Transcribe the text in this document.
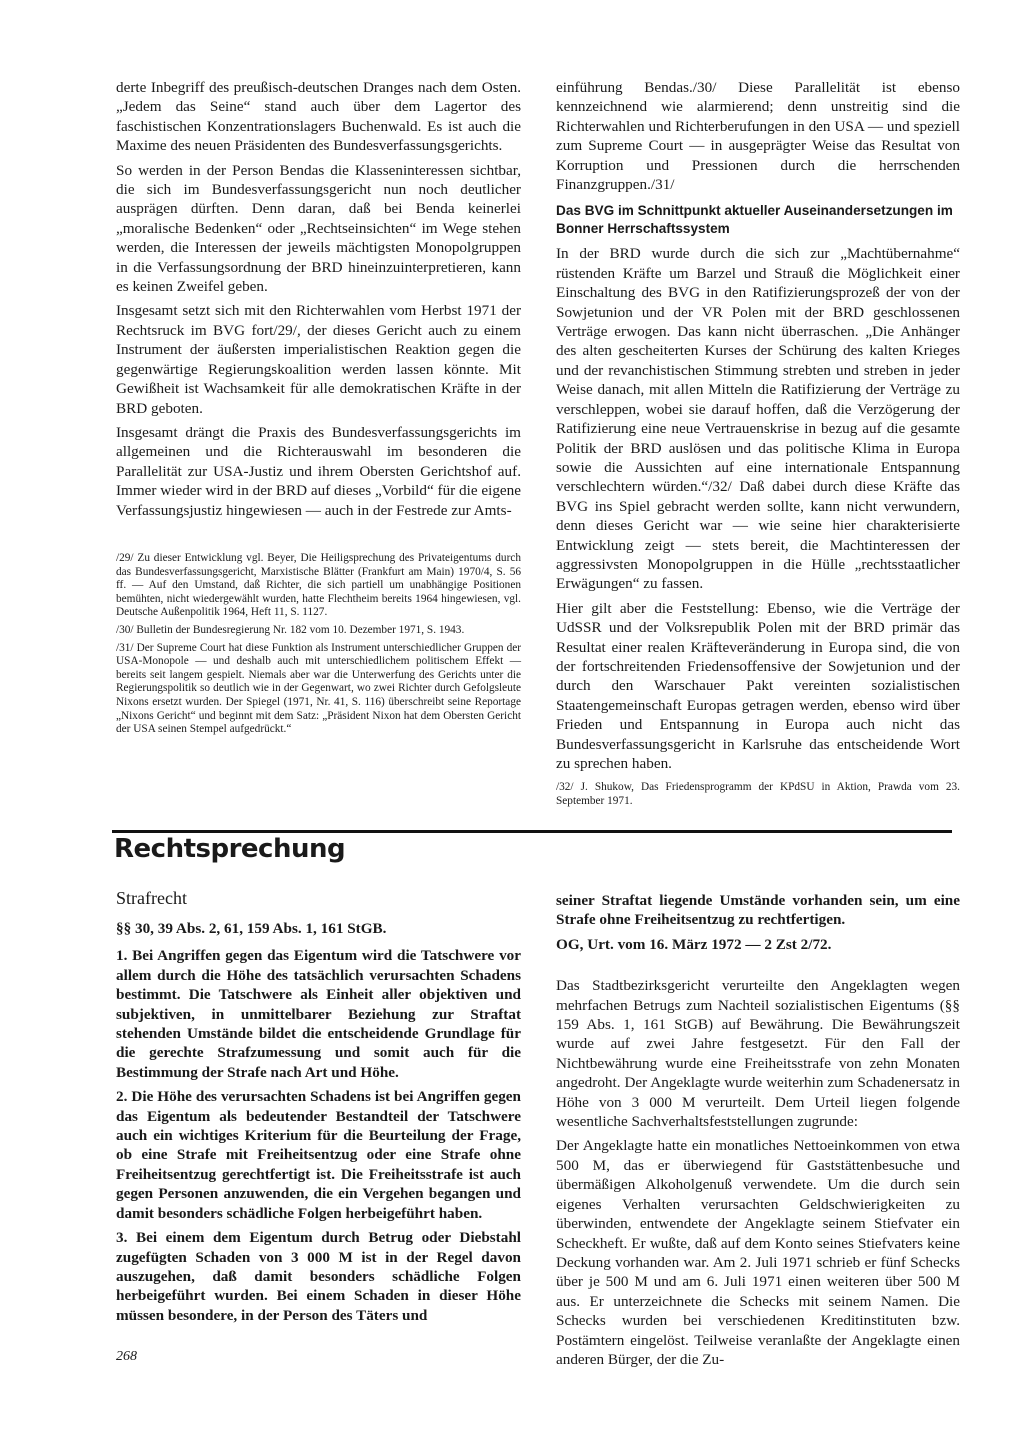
derte Inbegriff des preußisch-deutschen Dranges nach dem Osten. „Jedem das Seine“ stand auch über dem Lagertor des faschistischen Konzentrationslagers Buchenwald. Es ist auch die Maxime des neuen Präsidenten des Bundesverfassungsgerichts.

So werden in der Person Bendas die Klasseninteressen sichtbar, die sich im Bundesverfassungsgericht nun noch deutlicher ausprägen dürften. Denn daran, daß bei Benda keinerlei „moralische Bedenken“ oder „Rechtseinsichten“ im Wege stehen werden, die Interessen der jeweils mächtigsten Monopolgruppen in die Verfassungsordnung der BRD hineinzuinterpretieren, kann es keinen Zweifel geben.

Insgesamt setzt sich mit den Richterwahlen vom Herbst 1971 der Rechtsruck im BVG fort/29/, der dieses Gericht auch zu einem Instrument der äußersten imperialistischen Reaktion gegen die gegenwärtige Regierungskoalition werden lassen könnte. Mit Gewißheit ist Wachsamkeit für alle demokratischen Kräfte in der BRD geboten.

Insgesamt drängt die Praxis des Bundesverfassungsgerichts im allgemeinen und die Richterauswahl im besonderen die Parallelität zur USA-Justiz und ihrem Obersten Gerichtshof auf. Immer wieder wird in der BRD auf dieses „Vorbild“ für die eigene Verfassungsjustiz hingewiesen — auch in der Festrede zur Amts-

/29/ Zu dieser Entwicklung vgl. Beyer, Die Heiligsprechung des Privateigentums durch das Bundesverfassungsgericht, Marxistische Blätter (Frankfurt am Main) 1970/4, S. 56 ff. — Auf den Umstand, daß Richter, die sich partiell um unabhängige Positionen bemühten, nicht wiedergewählt wurden, hatte Flechtheim bereits 1964 hingewiesen, vgl. Deutsche Außenpolitik 1964, Heft 11, S. 1127.

/30/ Bulletin der Bundesregierung Nr. 182 vom 10. Dezember 1971, S. 1943.

/31/ Der Supreme Court hat diese Funktion als Instrument unterschiedlicher Gruppen der USA-Monopole — und deshalb auch mit unterschiedlichem politischem Effekt — bereits seit langem gespielt. Niemals aber war die Unterwerfung des Gerichts unter die Regierungspolitik so deutlich wie in der Gegenwart, wo zwei Richter durch Gefolgsleute Nixons ersetzt wurden. Der Spiegel (1971, Nr. 41, S. 116) überschreibt seine Reportage „Nixons Gericht“ und beginnt mit dem Satz: „Präsident Nixon hat dem Obersten Gericht der USA seinen Stempel aufgedrückt.“

einführung Bendas./30/ Diese Parallelität ist ebenso kennzeichnend wie alarmierend; denn unstreitig sind die Richterwahlen und Richterberufungen in den USA — und speziell zum Supreme Court — in ausgeprägter Weise das Resultat von Korruption und Pressionen durch die herrschenden Finanzgruppen./31/

Das BVG im Schnittpunkt aktueller Auseinandersetzungen im Bonner Herrschaftssystem

In der BRD wurde durch die sich zur „Machtübernahme“ rüstenden Kräfte um Barzel und Strauß die Möglichkeit einer Einschaltung des BVG in den Ratifizierungsprozeß der von der Sowjetunion und der VR Polen mit der BRD geschlossenen Verträge erwogen. Das kann nicht überraschen. „Die Anhänger des alten gescheiterten Kurses der Schürung des kalten Krieges und der revanchistischen Stimmung strebten und streben in jeder Weise danach, mit allen Mitteln die Ratifizierung der Verträge zu verschleppen, wobei sie darauf hoffen, daß die Verzögerung der Ratifizierung eine neue Vertrauenskrise in bezug auf die gesamte Politik der BRD auslösen und das politische Klima in Europa sowie die Aussichten auf eine internationale Entspannung verschlechtern würden.“/32/ Daß dabei durch diese Kräfte das BVG ins Spiel gebracht werden sollte, kann nicht verwundern, denn dieses Gericht war — wie seine hier charakterisierte Entwicklung zeigt — stets bereit, die Machtinteressen der aggressivsten Monopolgruppen in die Hülle „rechtsstaatlicher Erwägungen“ zu fassen.

Hier gilt aber die Feststellung: Ebenso, wie die Verträge der UdSSR und der Volksrepublik Polen mit der BRD primär das Resultat einer realen Kräfteveränderung in Europa sind, die von der fortschreitenden Friedensoffensive der Sowjetunion und der durch den Warschauer Pakt vereinten sozialistischen Staatengemeinschaft Europas getragen werden, ebenso wird über Frieden und Entspannung in Europa auch nicht das Bundesverfassungsgericht in Karlsruhe das entscheidende Wort zu sprechen haben.

/32/ J. Shukow, Das Friedensprogramm der KPdSU in Aktion, Prawda vom 23. September 1971.

Rechtsprechung

Strafrecht

§§ 30, 39 Abs. 2, 61, 159 Abs. 1, 161 StGB.

1. Bei Angriffen gegen das Eigentum wird die Tatschwere vor allem durch die Höhe des tatsächlich verursachten Schadens bestimmt. Die Tatschwere als Einheit aller objektiven und subjektiven, in unmittelbarer Beziehung zur Straftat stehenden Umstände bildet die entscheidende Grundlage für die gerechte Strafzumessung und somit auch für die Bestimmung der Strafe nach Art und Höhe.

2. Die Höhe des verursachten Schadens ist bei Angriffen gegen das Eigentum als bedeutender Bestandteil der Tatschwere auch ein wichtiges Kriterium für die Beurteilung der Frage, ob eine Strafe mit Freiheitsentzug oder eine Strafe ohne Freiheitsentzug gerechtfertigt ist. Die Freiheitsstrafe ist auch gegen Personen anzuwenden, die ein Vergehen begangen und damit besonders schädliche Folgen herbeigeführt haben.

3. Bei einem dem Eigentum durch Betrug oder Diebstahl zugefügten Schaden von 3 000 M ist in der Regel davon auszugehen, daß damit besonders schädliche Folgen herbeigeführt wurden. Bei einem Schaden in dieser Höhe müssen besondere, in der Person des Täters und

seiner Straftat liegende Umstände vorhanden sein, um eine Strafe ohne Freiheitsentzug zu rechtfertigen.

OG, Urt. vom 16. März 1972 — 2 Zst 2/72.

Das Stadtbezirksgericht verurteilte den Angeklagten wegen mehrfachen Betrugs zum Nachteil sozialistischen Eigentums (§§ 159 Abs. 1, 161 StGB) auf Bewährung. Die Bewährungszeit wurde auf zwei Jahre festgesetzt. Für den Fall der Nichtbewährung wurde eine Freiheitsstrafe von zehn Monaten angedroht. Der Angeklagte wurde weiterhin zum Schadenersatz in Höhe von 3 000 M verurteilt. Dem Urteil liegen folgende wesentliche Sachverhaltsfeststellungen zugrunde:

Der Angeklagte hatte ein monatliches Nettoeinkommen von etwa 500 M, das er überwiegend für Gaststättenbesuche und übermäßigen Alkoholgenuß verwendete. Um die durch sein eigenes Verhalten verursachten Geldschwierigkeiten zu überwinden, entwendete der Angeklagte seinem Stiefvater ein Scheckheft. Er wußte, daß auf dem Konto seines Stiefvaters keine Deckung vorhanden war. Am 2. Juli 1971 schrieb er fünf Schecks über je 500 M und am 6. Juli 1971 einen weiteren über 500 M aus. Er unterzeichnete die Schecks mit seinem Namen. Die Schecks wurden bei verschiedenen Kreditinstituten bzw. Postämtern eingelöst. Teilweise veranlaßte der Angeklagte einen anderen Bürger, der die Zu-

268
